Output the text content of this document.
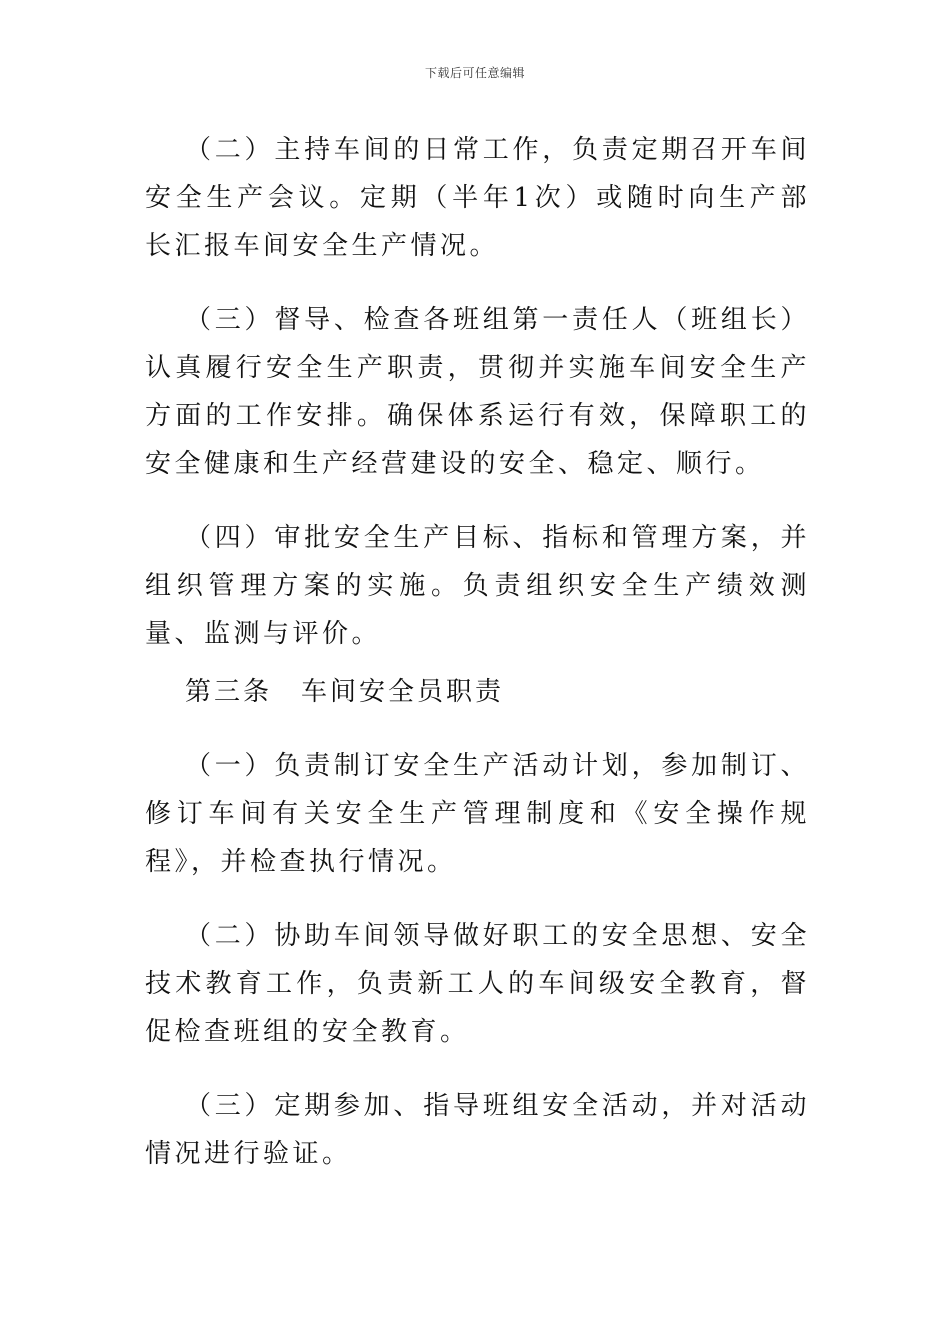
下载后可任意编辑

（二）主持车间的日常工作，负责定期召开车间安全生产会议。定期（半年1次）或随时向生产部长汇报车间安全生产情况。

（三）督导、检查各班组第一责任人（班组长）认真履行安全生产职责，贯彻并实施车间安全生产方面的工作安排。确保体系运行有效，保障职工的安全健康和生产经营建设的安全、稳定、顺行。

（四）审批安全生产目标、指标和管理方案，并组织管理方案的实施。负责组织安全生产绩效测量、监测与评价。

第三条　车间安全员职责

（一）负责制订安全生产活动计划，参加制订、修订车间有关安全生产管理制度和《安全操作规程》，并检查执行情况。

（二）协助车间领导做好职工的安全思想、安全技术教育工作，负责新工人的车间级安全教育，督促检查班组的安全教育。

（三）定期参加、指导班组安全活动，并对活动情况进行验证。
